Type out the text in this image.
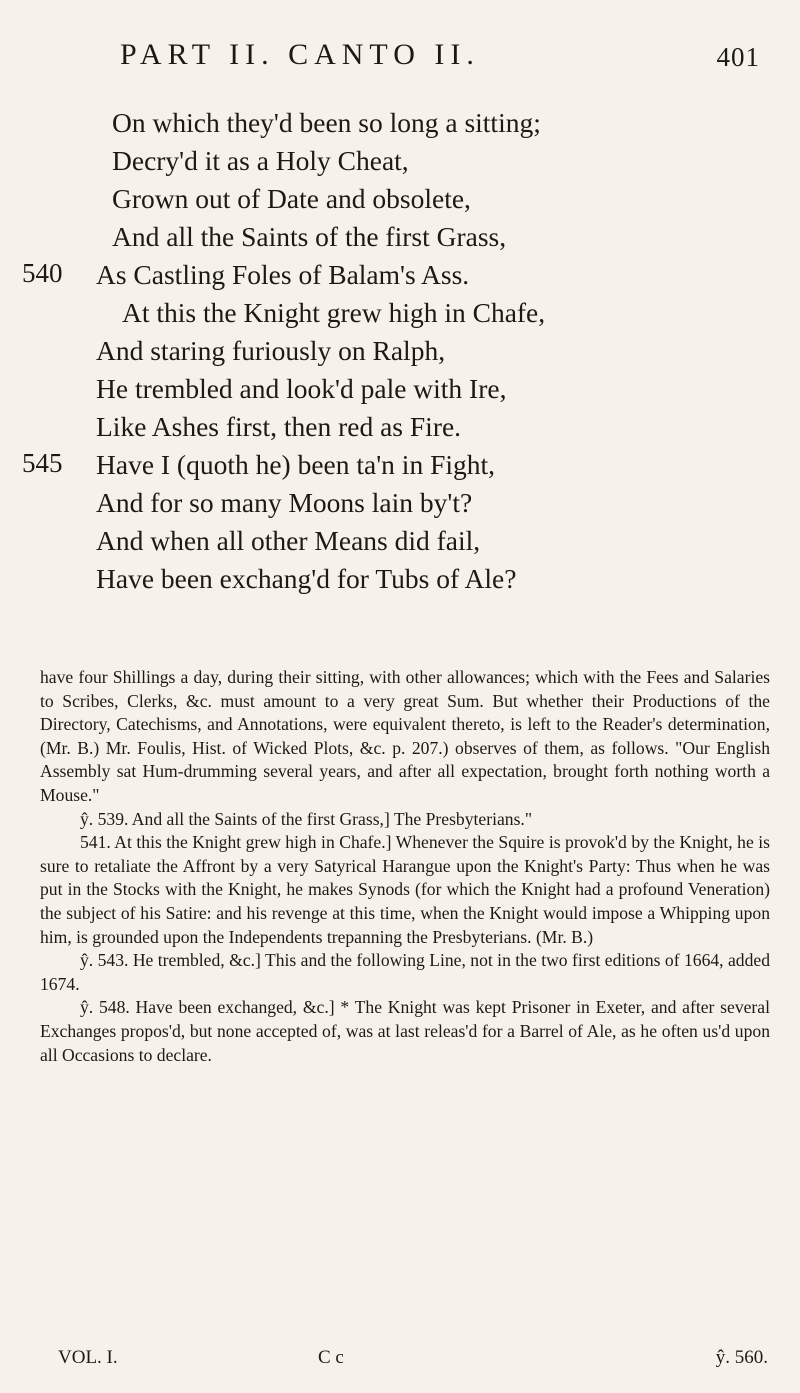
PART II. CANTO II.	401
On which they'd been so long a sitting;
Decry'd it as a Holy Cheat,
Grown out of Date and obsolete,
And all the Saints of the first Grass,
540 As Castling Foles of Balam's Ass.
At this the Knight grew high in Chafe,
And staring furiously on Ralph,
He trembled and look'd pale with Ire,
Like Ashes first, then red as Fire.
545 Have I (quoth he) been ta'n in Fight,
And for so many Moons lain by't?
And when all other Means did fail,
Have been exchang'd for Tubs of Ale?

have four Shillings a day, during their sitting, with other allowances; which with the Fees and Salaries to Scribes, Clerks, &c. must amount to a very great Sum. But whether their Productions of the Directory, Catechisms, and Annotations, were equivalent thereto, is left to the Reader's determination, (Mr. B.) Mr. Foulis, Hist. of Wicked Plots, &c. p. 207.) observes of them, as follows. "Our English Assembly sat Hum-drumming several years, and after all expectation, brought forth nothing worth a Mouse."

ŷ. 539. And all the Saints of the first Grass,] The Presbyterians."

541. At this the Knight grew high in Chafe.] Whenever the Squire is provok'd by the Knight, he is sure to retaliate the Affront by a very Satyrical Harangue upon the Knight's Party: Thus when he was put in the Stocks with the Knight, he makes Synods (for which the Knight had a profound Veneration) the subject of his Satire: and his revenge at this time, when the Knight would impose a Whipping upon him, is grounded upon the Independents trepanning the Presbyterians. (Mr. B.)

ŷ. 543. He trembled, &c.] This and the following Line, not in the two first editions of 1664, added 1674.

ŷ. 548. Have been exchanged, &c.] * The Knight was kept Prisoner in Exeter, and after several Exchanges propos'd, but none accepted of, was at last releas'd for a Barrel of Ale, as he often us'd upon all Occasions to declare.

VOL. I.	C c	ŷ. 560.
